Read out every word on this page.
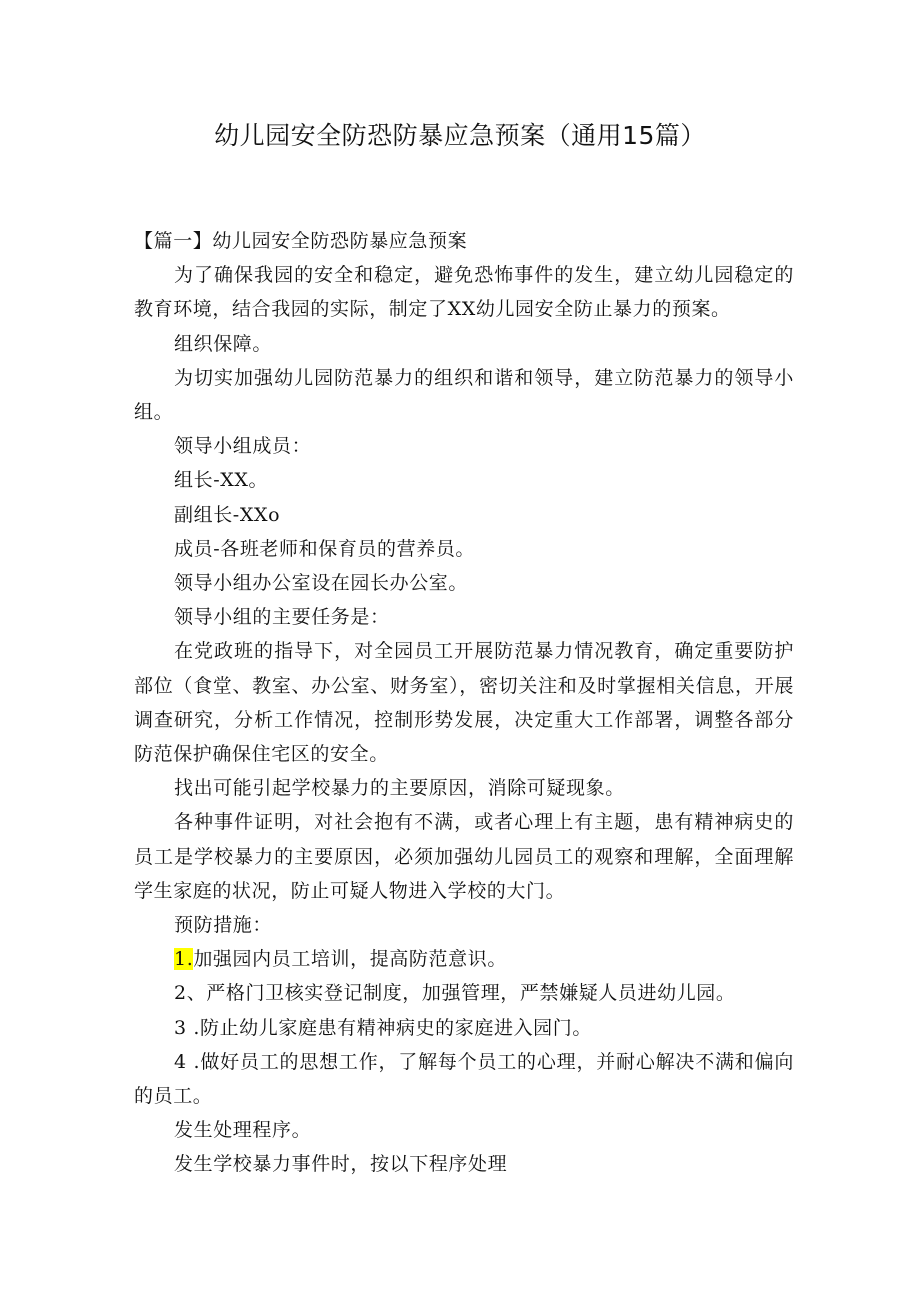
幼儿园安全防恐防暴应急预案（通用15篇）

【篇一】幼儿园安全防恐防暴应急预案

为了确保我园的安全和稳定，避免恐怖事件的发生，建立幼儿园稳定的教育环境，结合我园的实际，制定了XX幼儿园安全防止暴力的预案。

组织保障。

为切实加强幼儿园防范暴力的组织和谐和领导，建立防范暴力的领导小组。

领导小组成员：

组长-XX。

副组长-XXo

成员-各班老师和保育员的营养员。

领导小组办公室设在园长办公室。

领导小组的主要任务是：

在党政班的指导下，对全园员工开展防范暴力情况教育，确定重要防护部位（食堂、教室、办公室、财务室），密切关注和及时掌握相关信息，开展调查研究，分析工作情况，控制形势发展，决定重大工作部署，调整各部分防范保护确保住宅区的安全。

找出可能引起学校暴力的主要原因，消除可疑现象。

各种事件证明，对社会抱有不满，或者心理上有主题，患有精神病史的员工是学校暴力的主要原因，必须加强幼儿园员工的观察和理解，全面理解学生家庭的状况，防止可疑人物进入学校的大门。

预防措施：

1.加强园内员工培训，提高防范意识。

2、严格门卫核实登记制度，加强管理，严禁嫌疑人员进幼儿园。

3 .防止幼儿家庭患有精神病史的家庭进入园门。

4 .做好员工的思想工作，了解每个员工的心理，并耐心解决不满和偏向的员工。

发生处理程序。

发生学校暴力事件时，按以下程序处理
